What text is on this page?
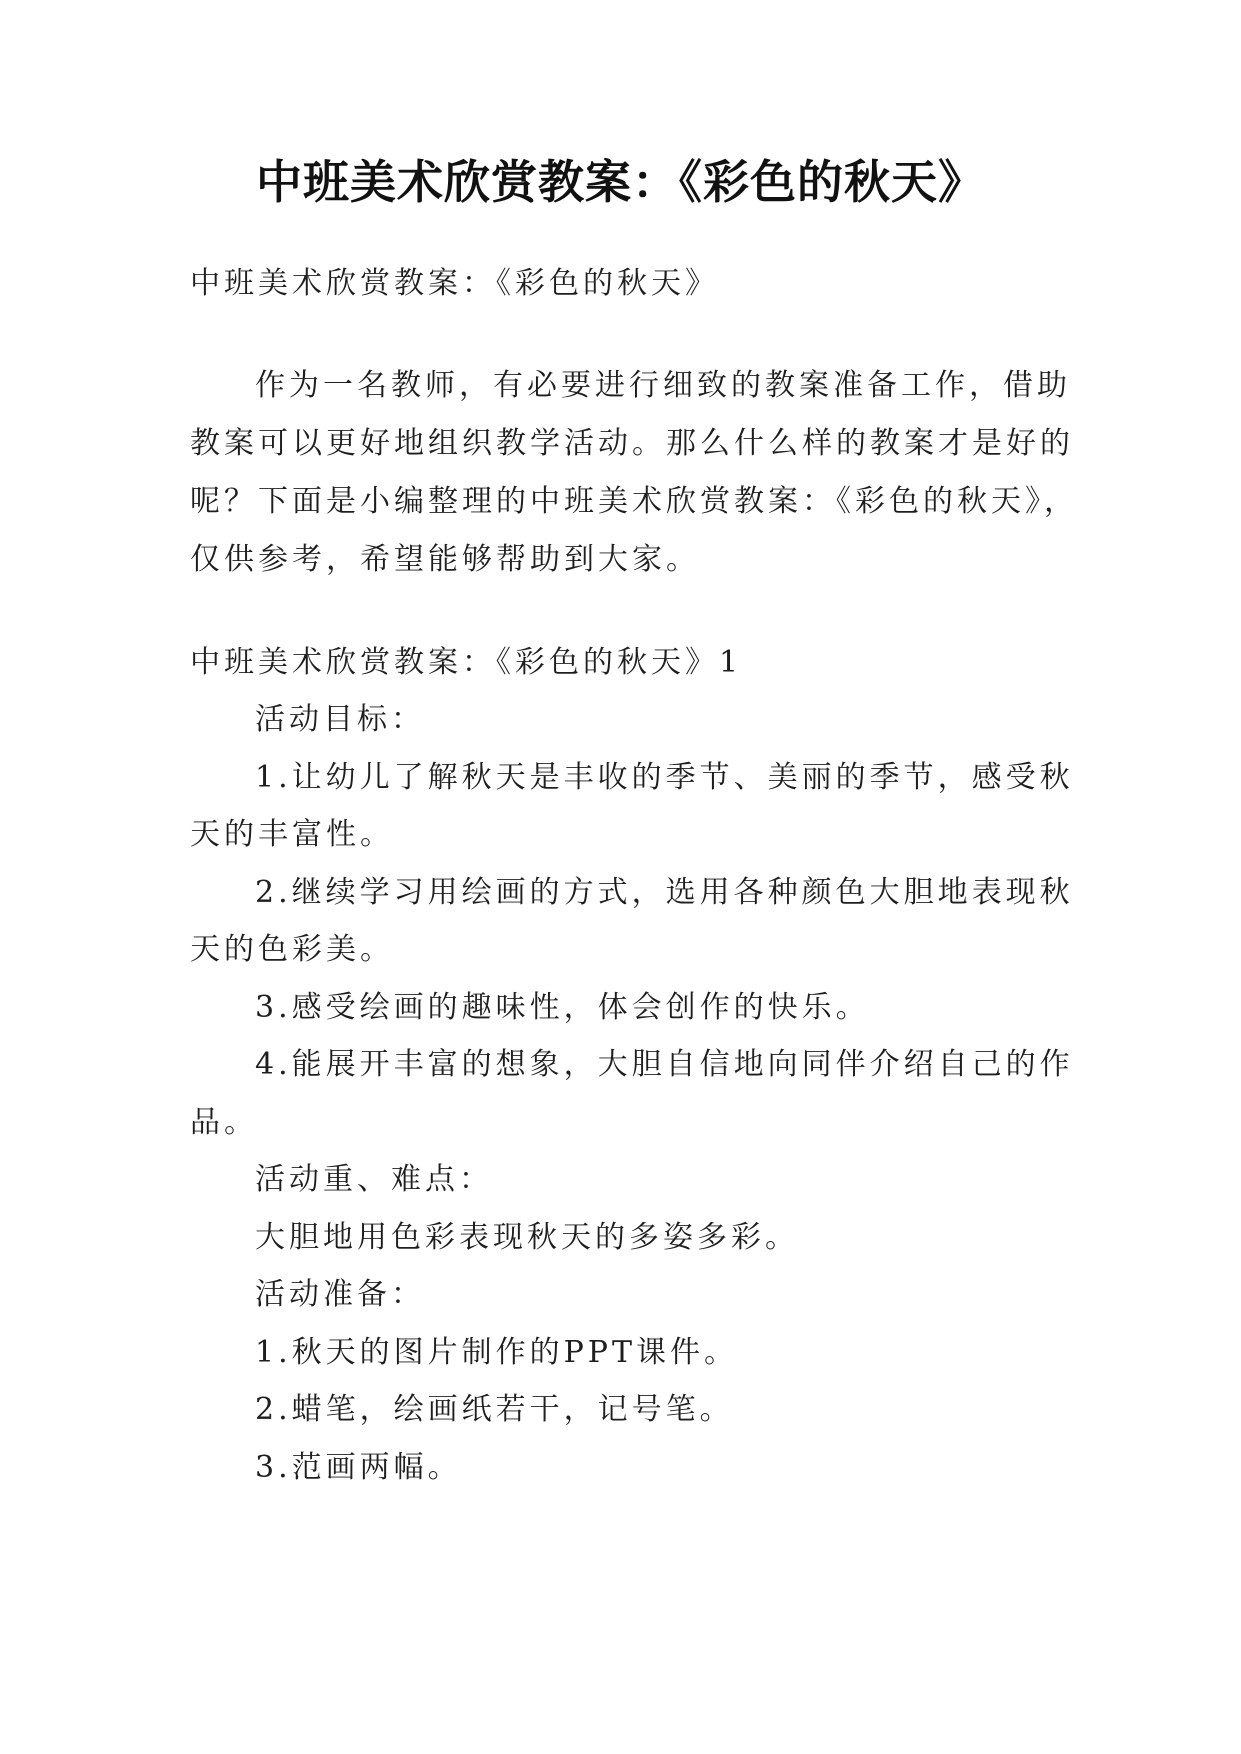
中班美术欣赏教案：《彩色的秋天》
中班美术欣赏教案：《彩色的秋天》
作为一名教师，有必要进行细致的教案准备工作，借助
教案可以更好地组织教学活动。那么什么样的教案才是好的
呢？下面是小编整理的中班美术欣赏教案：《彩色的秋天》，
仅供参考，希望能够帮助到大家。
中班美术欣赏教案：《彩色的秋天》1
活动目标：
1.让幼儿了解秋天是丰收的季节、美丽的季节，感受秋
天的丰富性。
2.继续学习用绘画的方式，选用各种颜色大胆地表现秋
天的色彩美。
3.感受绘画的趣味性，体会创作的快乐。
4.能展开丰富的想象，大胆自信地向同伴介绍自己的作
品。
活动重、难点：
大胆地用色彩表现秋天的多姿多彩。
活动准备：
1.秋天的图片制作的PPT课件。
2.蜡笔，绘画纸若干，记号笔。
3.范画两幅。
